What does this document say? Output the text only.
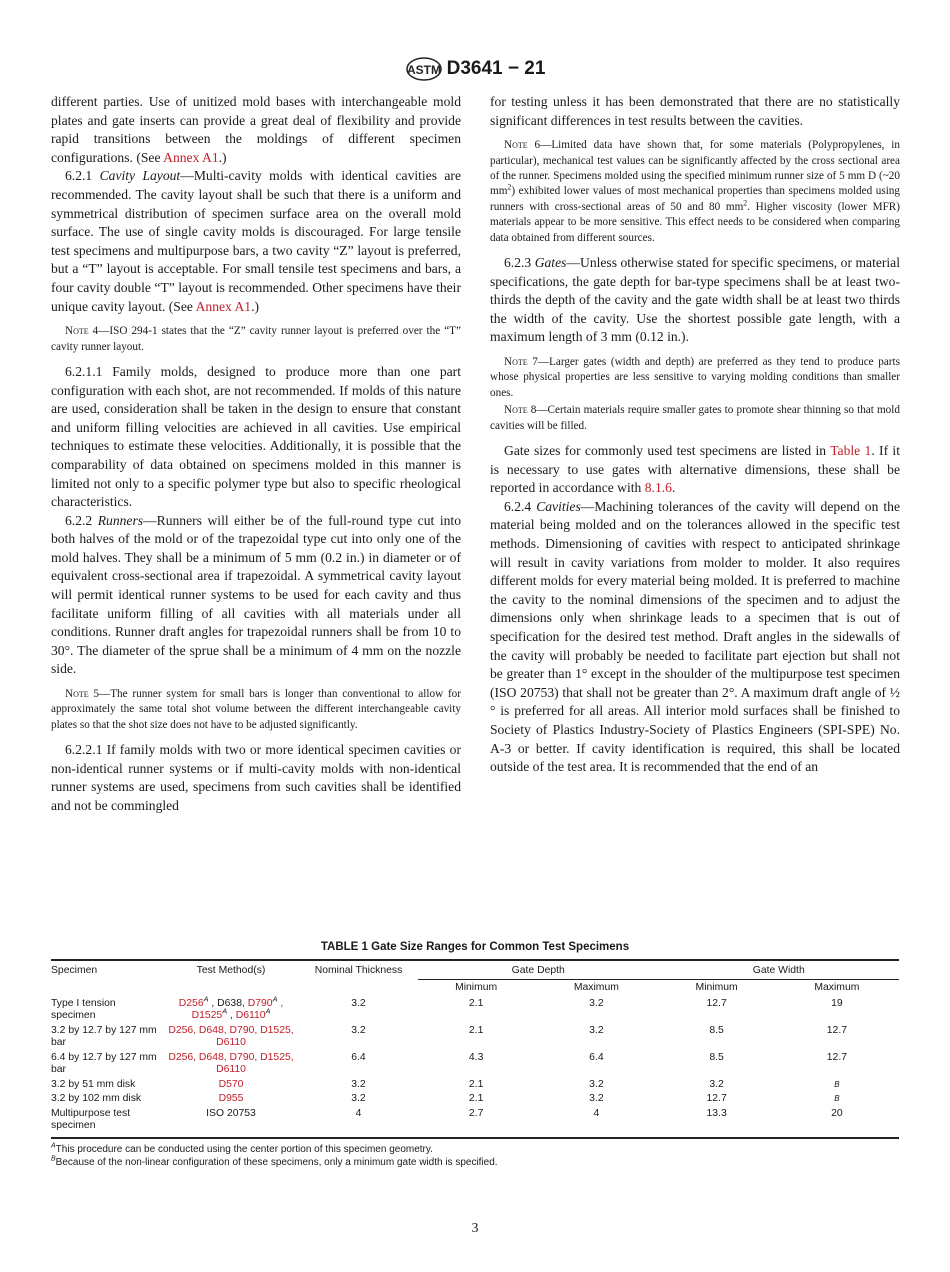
ASTM D3641 − 21

different parties. Use of unitized mold bases with interchangeable mold plates and gate inserts can provide a great deal of flexibility and provide rapid transitions between the moldings of different specimen configurations. (See Annex A1.)

6.2.1 Cavity Layout—Multi-cavity molds with identical cavities are recommended. The cavity layout shall be such that there is a uniform and symmetrical distribution of specimen surface area on the overall mold surface. The use of single cavity molds is discouraged. For large tensile test specimens and multipurpose bars, a two cavity “Z” layout is preferred, but a “T” layout is acceptable. For small tensile test specimens and bars, a four cavity double “T” layout is recommended. Other specimens have their unique cavity layout. (See Annex A1.)

Note 4—ISO 294-1 states that the “Z” cavity runner layout is preferred over the “T” cavity runner layout.

6.2.1.1 Family molds, designed to produce more than one part configuration with each shot, are not recommended. If molds of this nature are used, consideration shall be taken in the design to ensure that constant and uniform filling velocities are achieved in all cavities. Use empirical techniques to estimate these velocities. Additionally, it is possible that the comparability of data obtained on specimens molded in this manner is limited not only to a specific polymer type but also to specific rheological characteristics.

6.2.2 Runners—Runners will either be of the full-round type cut into both halves of the mold or of the trapezoidal type cut into only one of the mold halves. They shall be a minimum of 5 mm (0.2 in.) in diameter or of equivalent cross-sectional area if trapezoidal. A symmetrical cavity layout will permit identical runner systems to be used for each cavity and thus facilitate uniform filling of all cavities with all materials under all conditions. Runner draft angles for trapezoidal runners shall be from 10 to 30°. The diameter of the sprue shall be a minimum of 4 mm on the nozzle side.

Note 5—The runner system for small bars is longer than conventional to allow for approximately the same total shot volume between the different interchangeable cavity plates so that the shot size does not have to be adjusted significantly.

6.2.2.1 If family molds with two or more identical specimen cavities or non-identical runner systems or if multi-cavity molds with non-identical runner systems are used, specimens from such cavities shall be identified and not be commingled

for testing unless it has been demonstrated that there are no statistically significant differences in test results between the cavities.

Note 6—Limited data have shown that, for some materials (Polypropylenes, in particular), mechanical test values can be significantly affected by the cross sectional area of the runner. Specimens molded using the specified minimum runner size of 5 mm D (~20 $mm^2$) exhibited lower values of most mechanical properties than specimens molded using runners with cross-sectional areas of 50 and 80 $mm^2$. Higher viscosity (lower MFR) materials appear to be more sensitive. This effect needs to be considered when comparing data obtained from different sources.

6.2.3 Gates—Unless otherwise stated for specific specimens, or material specifications, the gate depth for bar-type specimens shall be at least two-thirds the depth of the cavity and the gate width shall be at least two thirds the width of the cavity. Use the shortest possible gate length, with a maximum length of 3 mm (0.12 in.).

Note 7—Larger gates (width and depth) are preferred as they tend to produce parts whose physical properties are less sensitive to varying molding conditions than smaller ones.

Note 8—Certain materials require smaller gates to promote shear thinning so that mold cavities will be filled.

Gate sizes for commonly used test specimens are listed in Table 1. If it is necessary to use gates with alternative dimensions, these shall be reported in accordance with 8.1.6.

6.2.4 Cavities—Machining tolerances of the cavity will depend on the material being molded and on the tolerances allowed in the specific test methods. Dimensioning of cavities with respect to anticipated shrinkage will result in cavity variations from molder to molder. It also requires different molds for every material being molded. It is preferred to machine the cavity to the nominal dimensions of the specimen and to adjust the dimensions only when shrinkage leads to a specimen that is out of specification for the desired test method. Draft angles in the sidewalls of the cavity will probably be needed to facilitate part ejection but shall not be greater than 1° except in the shoulder of the multipurpose test specimen (ISO 20753) that shall not be greater than 2°. A maximum draft angle of ½ ° is preferred for all areas. All interior mold surfaces shall be finished to Society of Plastics Industry-Society of Plastics Engineers (SPI-SPE) No. A-3 or better. If cavity identification is required, this shall be located outside of the test area. It is recommended that the end of an

TABLE 1 Gate Size Ranges for Common Test Specimens
Specimen	Test Method(s)	Nominal Thickness	Gate Depth		Gate Width	
			Minimum	Maximum	Minimum	Maximum
Type I tension specimen	$D256^A$ , D638, $D790^A$ , $D1525^A$ , $D6110^A$	3.2	2.1	3.2	12.7	19
3.2 by 12.7 by 127 mm bar	D256, D648, D790, D1525, D6110	3.2	2.1	3.2	8.5	12.7
6.4 by 12.7 by 127 mm bar	D256, D648, D790, D1525, D6110	6.4	4.3	6.4	8.5	12.7
3.2 by 51 mm disk	D570	3.2	2.1	3.2	3.2	B
3.2 by 102 mm disk	D955	3.2	2.1	3.2	12.7	B
Multipurpose test specimen	ISO 20753	4	2.7	4	13.3	20
$^A$This procedure can be conducted using the center portion of this specimen geometry.
$^B$Because of the non-linear configuration of these specimens, only a minimum gate width is specified.
3
